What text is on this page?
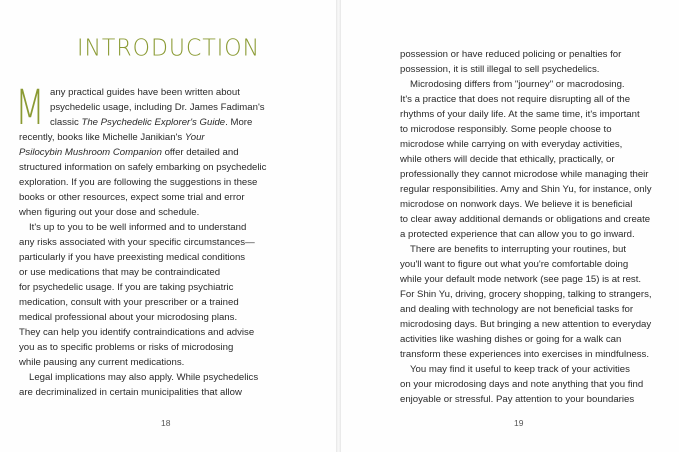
INTRODUCTION
M any practical guides have been written about
psychedelic usage, including Dr. James Fadiman's
classic The Psychedelic Explorer's Guide. More
recently, books like Michelle Janikian's Your
Psilocybin Mushroom Companion offer detailed and
structured information on safely embarking on psychedelic
exploration. If you are following the suggestions in these
books or other resources, expect some trial and error
when figuring out your dose and schedule.
It's up to you to be well informed and to understand
any risks associated with your specific circumstances—
particularly if you have preexisting medical conditions
or use medications that may be contraindicated
for psychedelic usage. If you are taking psychiatric
medication, consult with your prescriber or a trained
medical professional about your microdosing plans.
They can help you identify contraindications and advise
you as to specific problems or risks of microdosing
while pausing any current medications.
Legal implications may also apply. While psychedelics
are decriminalized in certain municipalities that allow
18	19
possession or have reduced policing or penalties for
possession, it is still illegal to sell psychedelics.
Microdosing differs from "journey" or macrodosing.
It's a practice that does not require disrupting all of the
rhythms of your daily life. At the same time, it's important
to microdose responsibly. Some people choose to
microdose while carrying on with everyday activities,
while others will decide that ethically, practically, or
professionally they cannot microdose while managing their
regular responsibilities. Amy and Shin Yu, for instance, only
microdose on nonwork days. We believe it is beneficial
to clear away additional demands or obligations and create
a protected experience that can allow you to go inward.
There are benefits to interrupting your routines, but
you'll want to figure out what you're comfortable doing
while your default mode network (see page 15) is at rest.
For Shin Yu, driving, grocery shopping, talking to strangers,
and dealing with technology are not beneficial tasks for
microdosing days. But bringing a new attention to everyday
activities like washing dishes or going for a walk can
transform these experiences into exercises in mindfulness.
You may find it useful to keep track of your activities
on your microdosing days and note anything that you find
enjoyable or stressful. Pay attention to your boundaries
